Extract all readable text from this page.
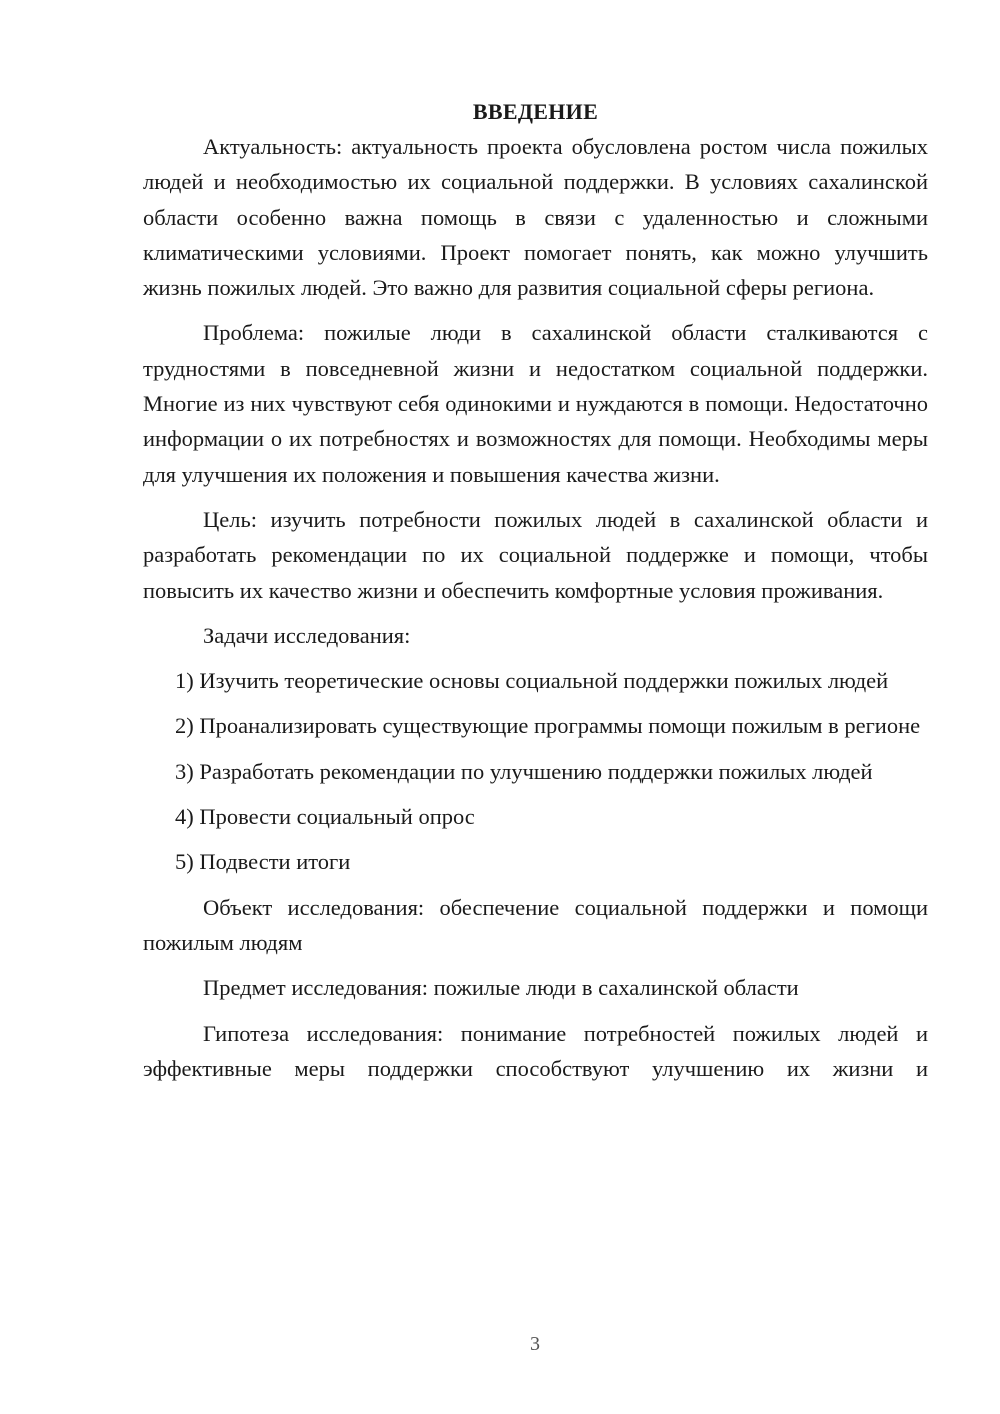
ВВЕДЕНИЕ

Актуальность: актуальность проекта обусловлена ростом числа пожилых людей и необходимостью их социальной поддержки. В условиях сахалинской области особенно важна помощь в связи с удаленностью и сложными климатическими условиями. Проект помогает понять, как можно улучшить жизнь пожилых людей. Это важно для развития социальной сферы региона.

Проблема: пожилые люди в сахалинской области сталкиваются с трудностями в повседневной жизни и недостатком социальной поддержки. Многие из них чувствуют себя одинокими и нуждаются в помощи. Недостаточно информации о их потребностях и возможностях для помощи. Необходимы меры для улучшения их положения и повышения качества жизни.

Цель: изучить потребности пожилых людей в сахалинской области и разработать рекомендации по их социальной поддержке и помощи, чтобы повысить их качество жизни и обеспечить комфортные условия проживания.

Задачи исследования:

1) Изучить теоретические основы социальной поддержки пожилых людей

2) Проанализировать существующие программы помощи пожилым в регионе

3) Разработать рекомендации по улучшению поддержки пожилых людей

4) Провести социальный опрос

5) Подвести итоги

Объект исследования: обеспечение социальной поддержки и помощи пожилым людям

Предмет исследования: пожилые люди в сахалинской области

Гипотеза исследования: понимание потребностей пожилых людей и эффективные меры поддержки способствуют улучшению их жизни и

3
